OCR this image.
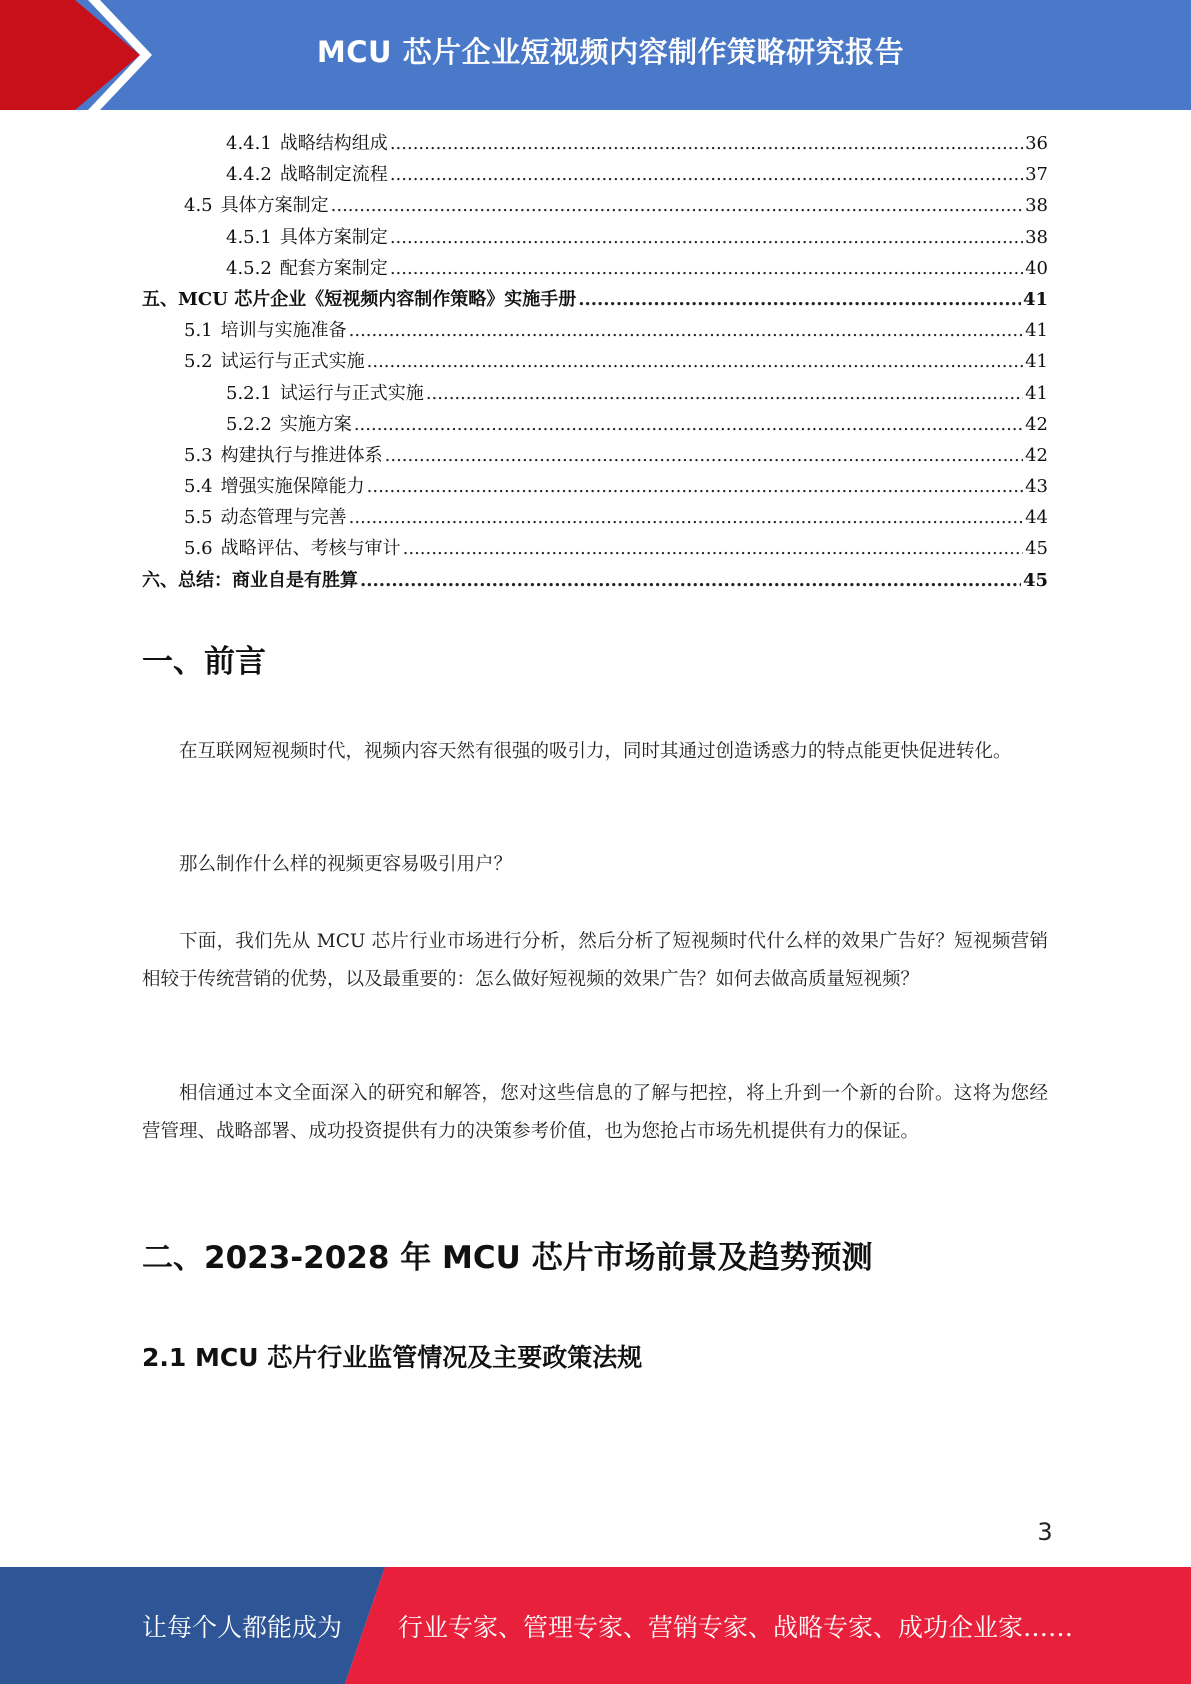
MCU 芯片企业短视频内容制作策略研究报告
4.4.1 战略结构组成 .....	36
4.4.2 战略制定流程 .....	37
4.5 具体方案制定 .....	38
4.5.1 具体方案制定 .....	38
4.5.2 配套方案制定 .....	40
五、MCU 芯片企业《短视频内容制作策略》实施手册 .....	41
5.1 培训与实施准备 .....	41
5.2 试运行与正式实施 .....	41
5.2.1 试运行与正式实施 .....	41
5.2.2 实施方案 .....	42
5.3 构建执行与推进体系 .....	42
5.4 增强实施保障能力 .....	43
5.5 动态管理与完善 .....	44
5.6 战略评估、考核与审计 .....	45
六、总结：商业自是有胜算 .....	45
一、前言

在互联网短视频时代，视频内容天然有很强的吸引力，同时其通过创造诱惑力的特点能更快促进转化。

那么制作什么样的视频更容易吸引用户？

下面，我们先从 MCU 芯片行业市场进行分析，然后分析了短视频时代什么样的效果广告好？短视频营销相较于传统营销的优势，以及最重要的：怎么做好短视频的效果广告？如何去做高质量短视频？

相信通过本文全面深入的研究和解答，您对这些信息的了解与把控，将上升到一个新的台阶。这将为您经营管理、战略部署、成功投资提供有力的决策参考价值，也为您抢占市场先机提供有力的保证。

二、2023-2028 年 MCU 芯片市场前景及趋势预测
2.1 MCU 芯片行业监管情况及主要政策法规
3
让每个人都能成为 行业专家、管理专家、营销专家、战略专家、成功企业家……
